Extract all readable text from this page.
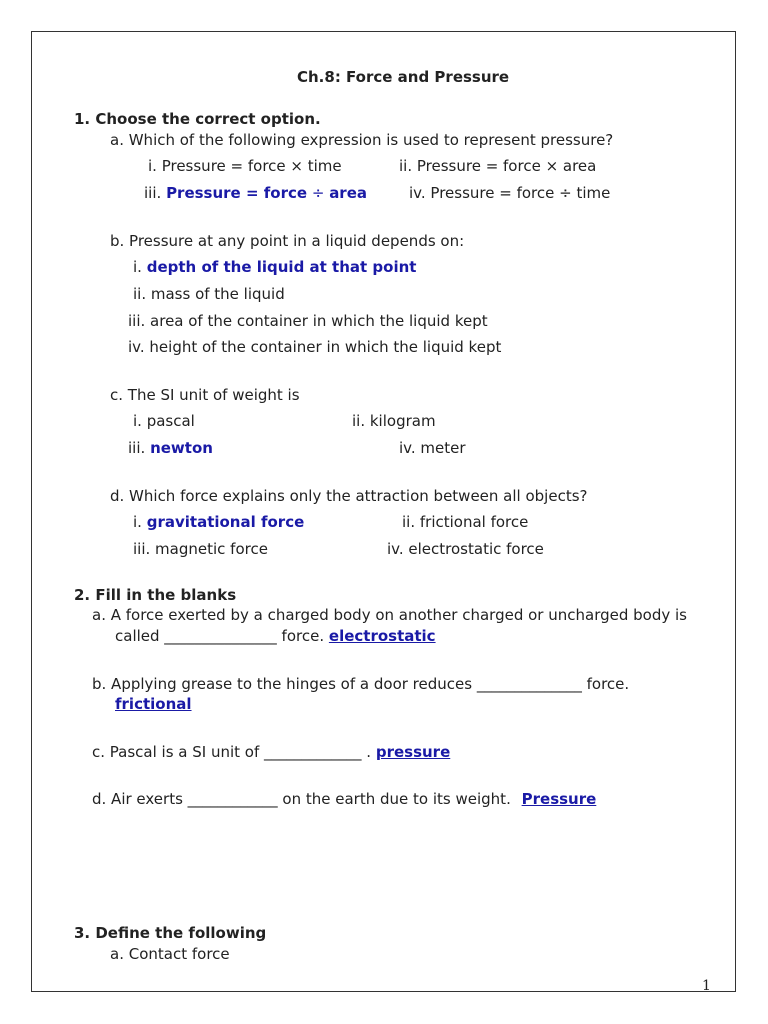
Ch.8: Force and Pressure
1. Choose the correct option.
a. Which of the following expression is used to represent pressure?
i. Pressure = force × time	ii. Pressure = force × area
iii. Pressure = force ÷ area	iv. Pressure = force ÷ time
b. Pressure at any point in a liquid depends on:
i. depth of the liquid at that point
ii. mass of the liquid
iii. area of the container in which the liquid kept
iv. height of the container in which the liquid kept
c. The SI unit of weight is
i. pascal	ii. kilogram
iii. newton	iv. meter
d. Which force explains only the attraction between all objects?
i. gravitational force	ii. frictional force
iii. magnetic force	iv. electrostatic force
2. Fill in the blanks
a. A force exerted by a charged body on another charged or uncharged body is
called _______________ force. electrostatic
b. Applying grease to the hinges of a door reduces ______________ force.
frictional
c. Pascal is a SI unit of _____________ . pressure
d. Air exerts ____________ on the earth due to its weight. Pressure
3. Define the following
a. Contact force
1
